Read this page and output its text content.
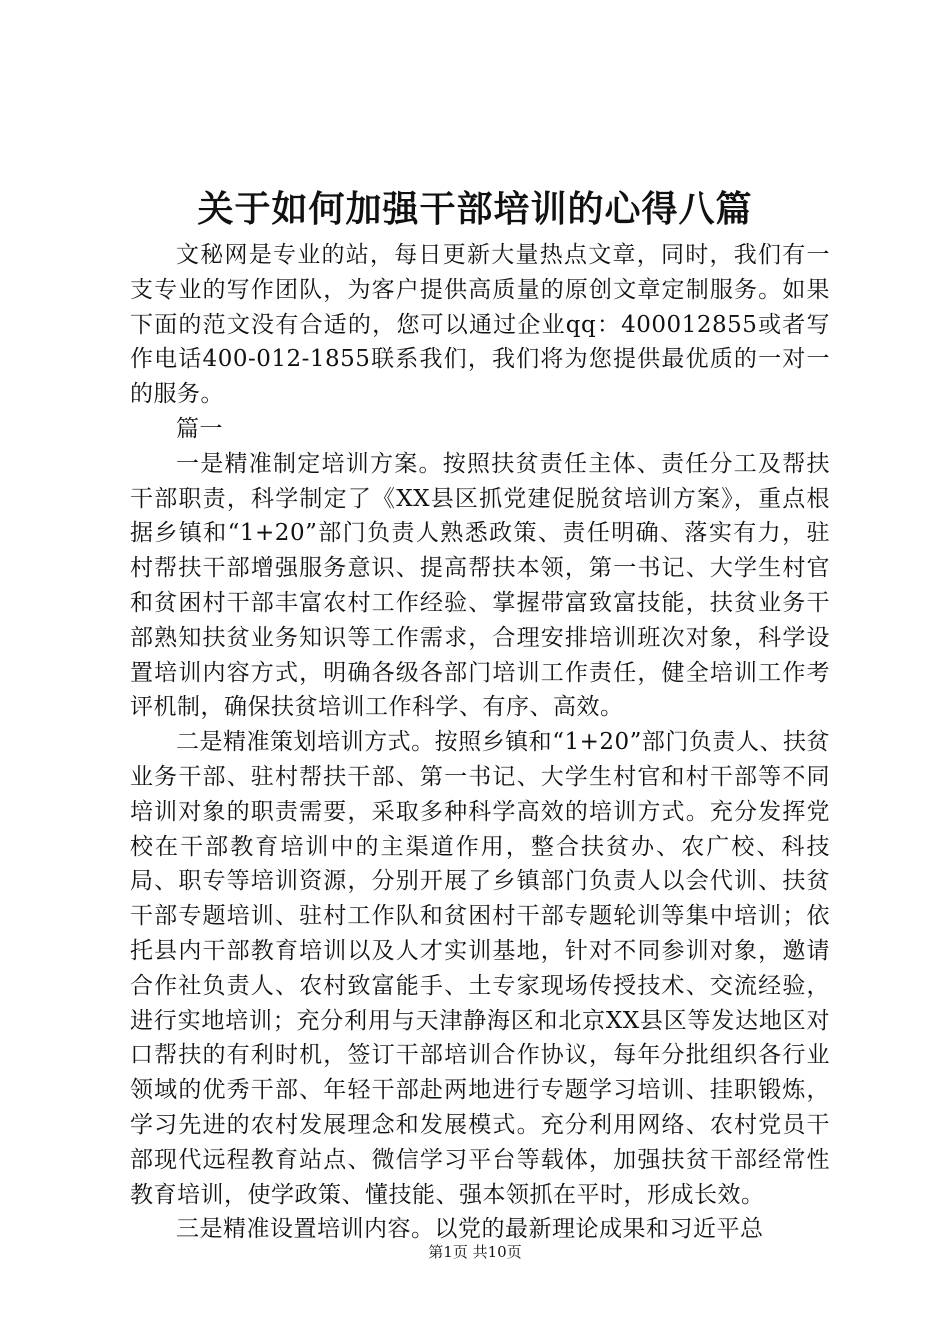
关于如何加强干部培训的心得八篇

文秘网是专业的站，每日更新大量热点文章，同时，我们有一支专业的写作团队，为客户提供高质量的原创文章定制服务。如果下面的范文没有合适的，您可以通过企业qq：400012855或者写作电话400-012-1855联系我们，我们将为您提供最优质的一对一的服务。

篇一

一是精准制定培训方案。按照扶贫责任主体、责任分工及帮扶干部职责，科学制定了《XX县区抓党建促脱贫培训方案》，重点根据乡镇和“1+20”部门负责人熟悉政策、责任明确、落实有力，驻村帮扶干部增强服务意识、提高帮扶本领，第一书记、大学生村官和贫困村干部丰富农村工作经验、掌握带富致富技能，扶贫业务干部熟知扶贫业务知识等工作需求，合理安排培训班次对象，科学设置培训内容方式，明确各级各部门培训工作责任，健全培训工作考评机制，确保扶贫培训工作科学、有序、高效。

二是精准策划培训方式。按照乡镇和“1+20”部门负责人、扶贫业务干部、驻村帮扶干部、第一书记、大学生村官和村干部等不同培训对象的职责需要，采取多种科学高效的培训方式。充分发挥党校在干部教育培训中的主渠道作用，整合扶贫办、农广校、科技局、职专等培训资源，分别开展了乡镇部门负责人以会代训、扶贫干部专题培训、驻村工作队和贫困村干部专题轮训等集中培训；依托县内干部教育培训以及人才实训基地，针对不同参训对象，邀请合作社负责人、农村致富能手、土专家现场传授技术、交流经验，进行实地培训；充分利用与天津静海区和北京XX县区等发达地区对口帮扶的有利时机，签订干部培训合作协议，每年分批组织各行业领域的优秀干部、年轻干部赴两地进行专题学习培训、挂职锻炼，学习先进的农村发展理念和发展模式。充分利用网络、农村党员干部现代远程教育站点、微信学习平台等载体，加强扶贫干部经常性教育培训，使学政策、懂技能、强本领抓在平时，形成长效。

三是精准设置培训内容。以党的最新理论成果和习近平总

第1页 共10页
